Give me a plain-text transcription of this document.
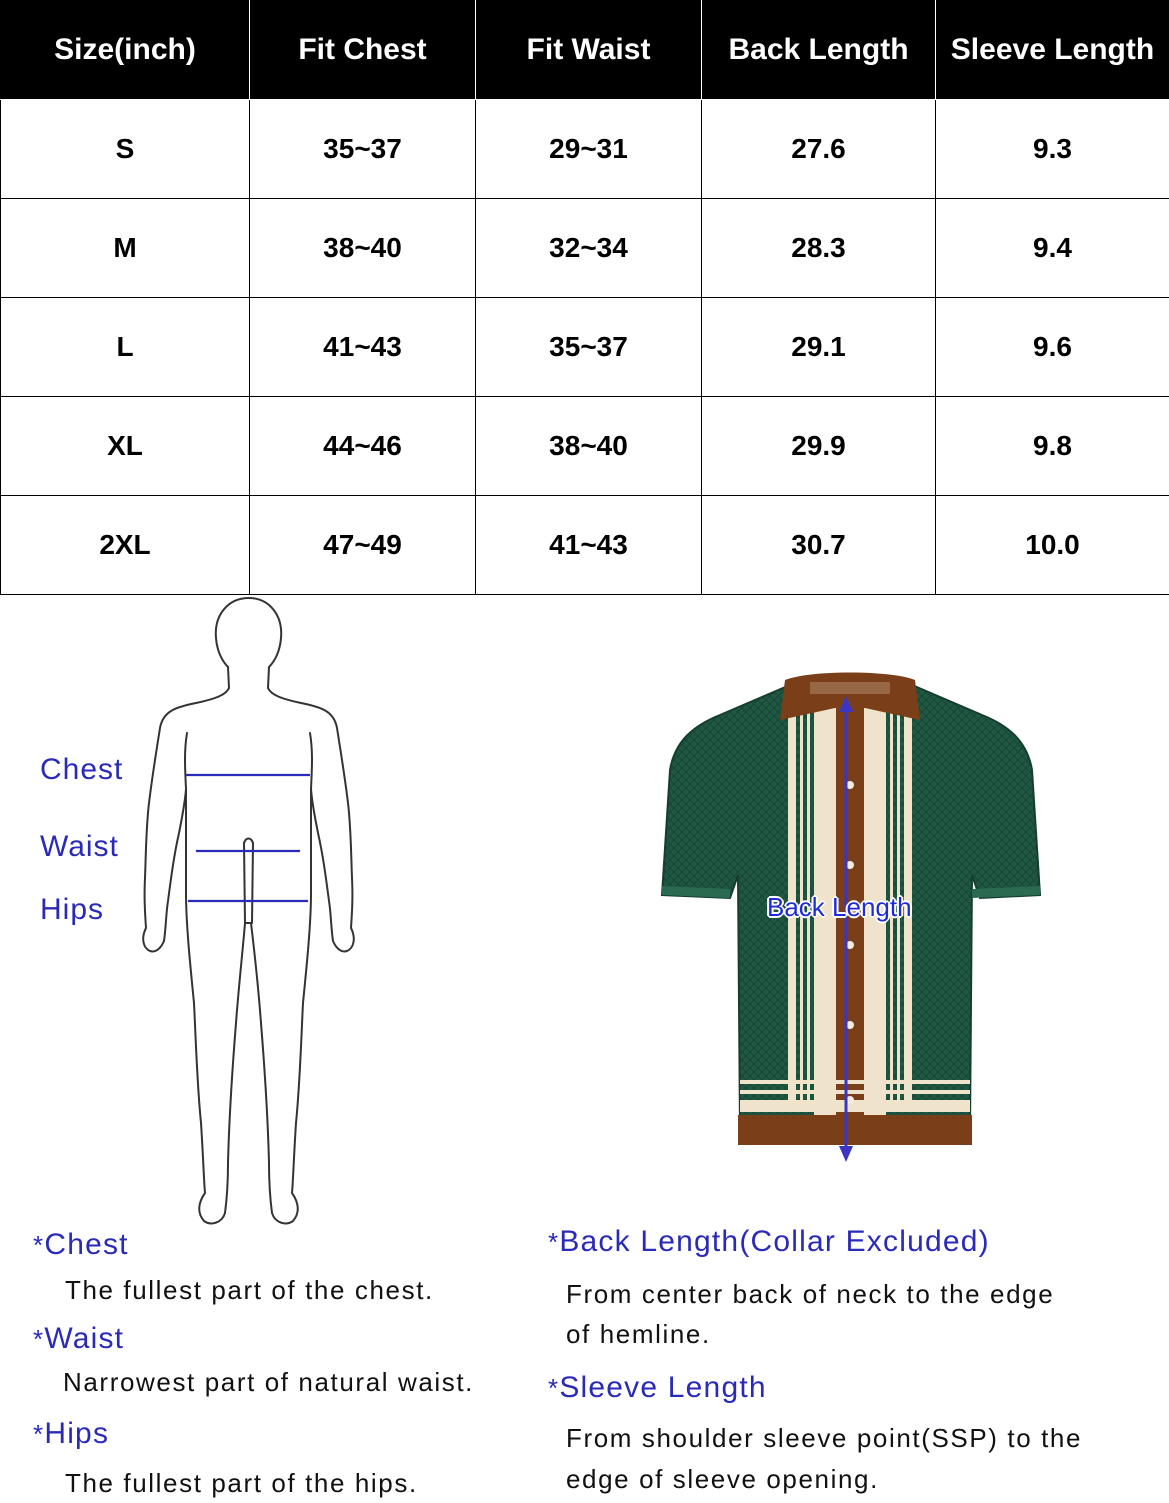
Size(inch)	Fit Chest	Fit Waist	Back Length	Sleeve Length
S	35~37	29~31	27.6	9.3
M	38~40	32~34	28.3	9.4
L	41~43	35~37	29.1	9.6
XL	44~46	38~40	29.9	9.8
2XL	47~49	41~43	30.7	10.0
Chest
Waist
Hips	Back Length
*Chest
The fullest part of the chest.
*Waist
Narrowest part of natural waist.
*Hips
The fullest part of the hips.
*Back Length(Collar Excluded)
From center back of neck to the edge
of hemline.
*Sleeve Length
From shoulder sleeve point(SSP) to the
edge of sleeve opening.
